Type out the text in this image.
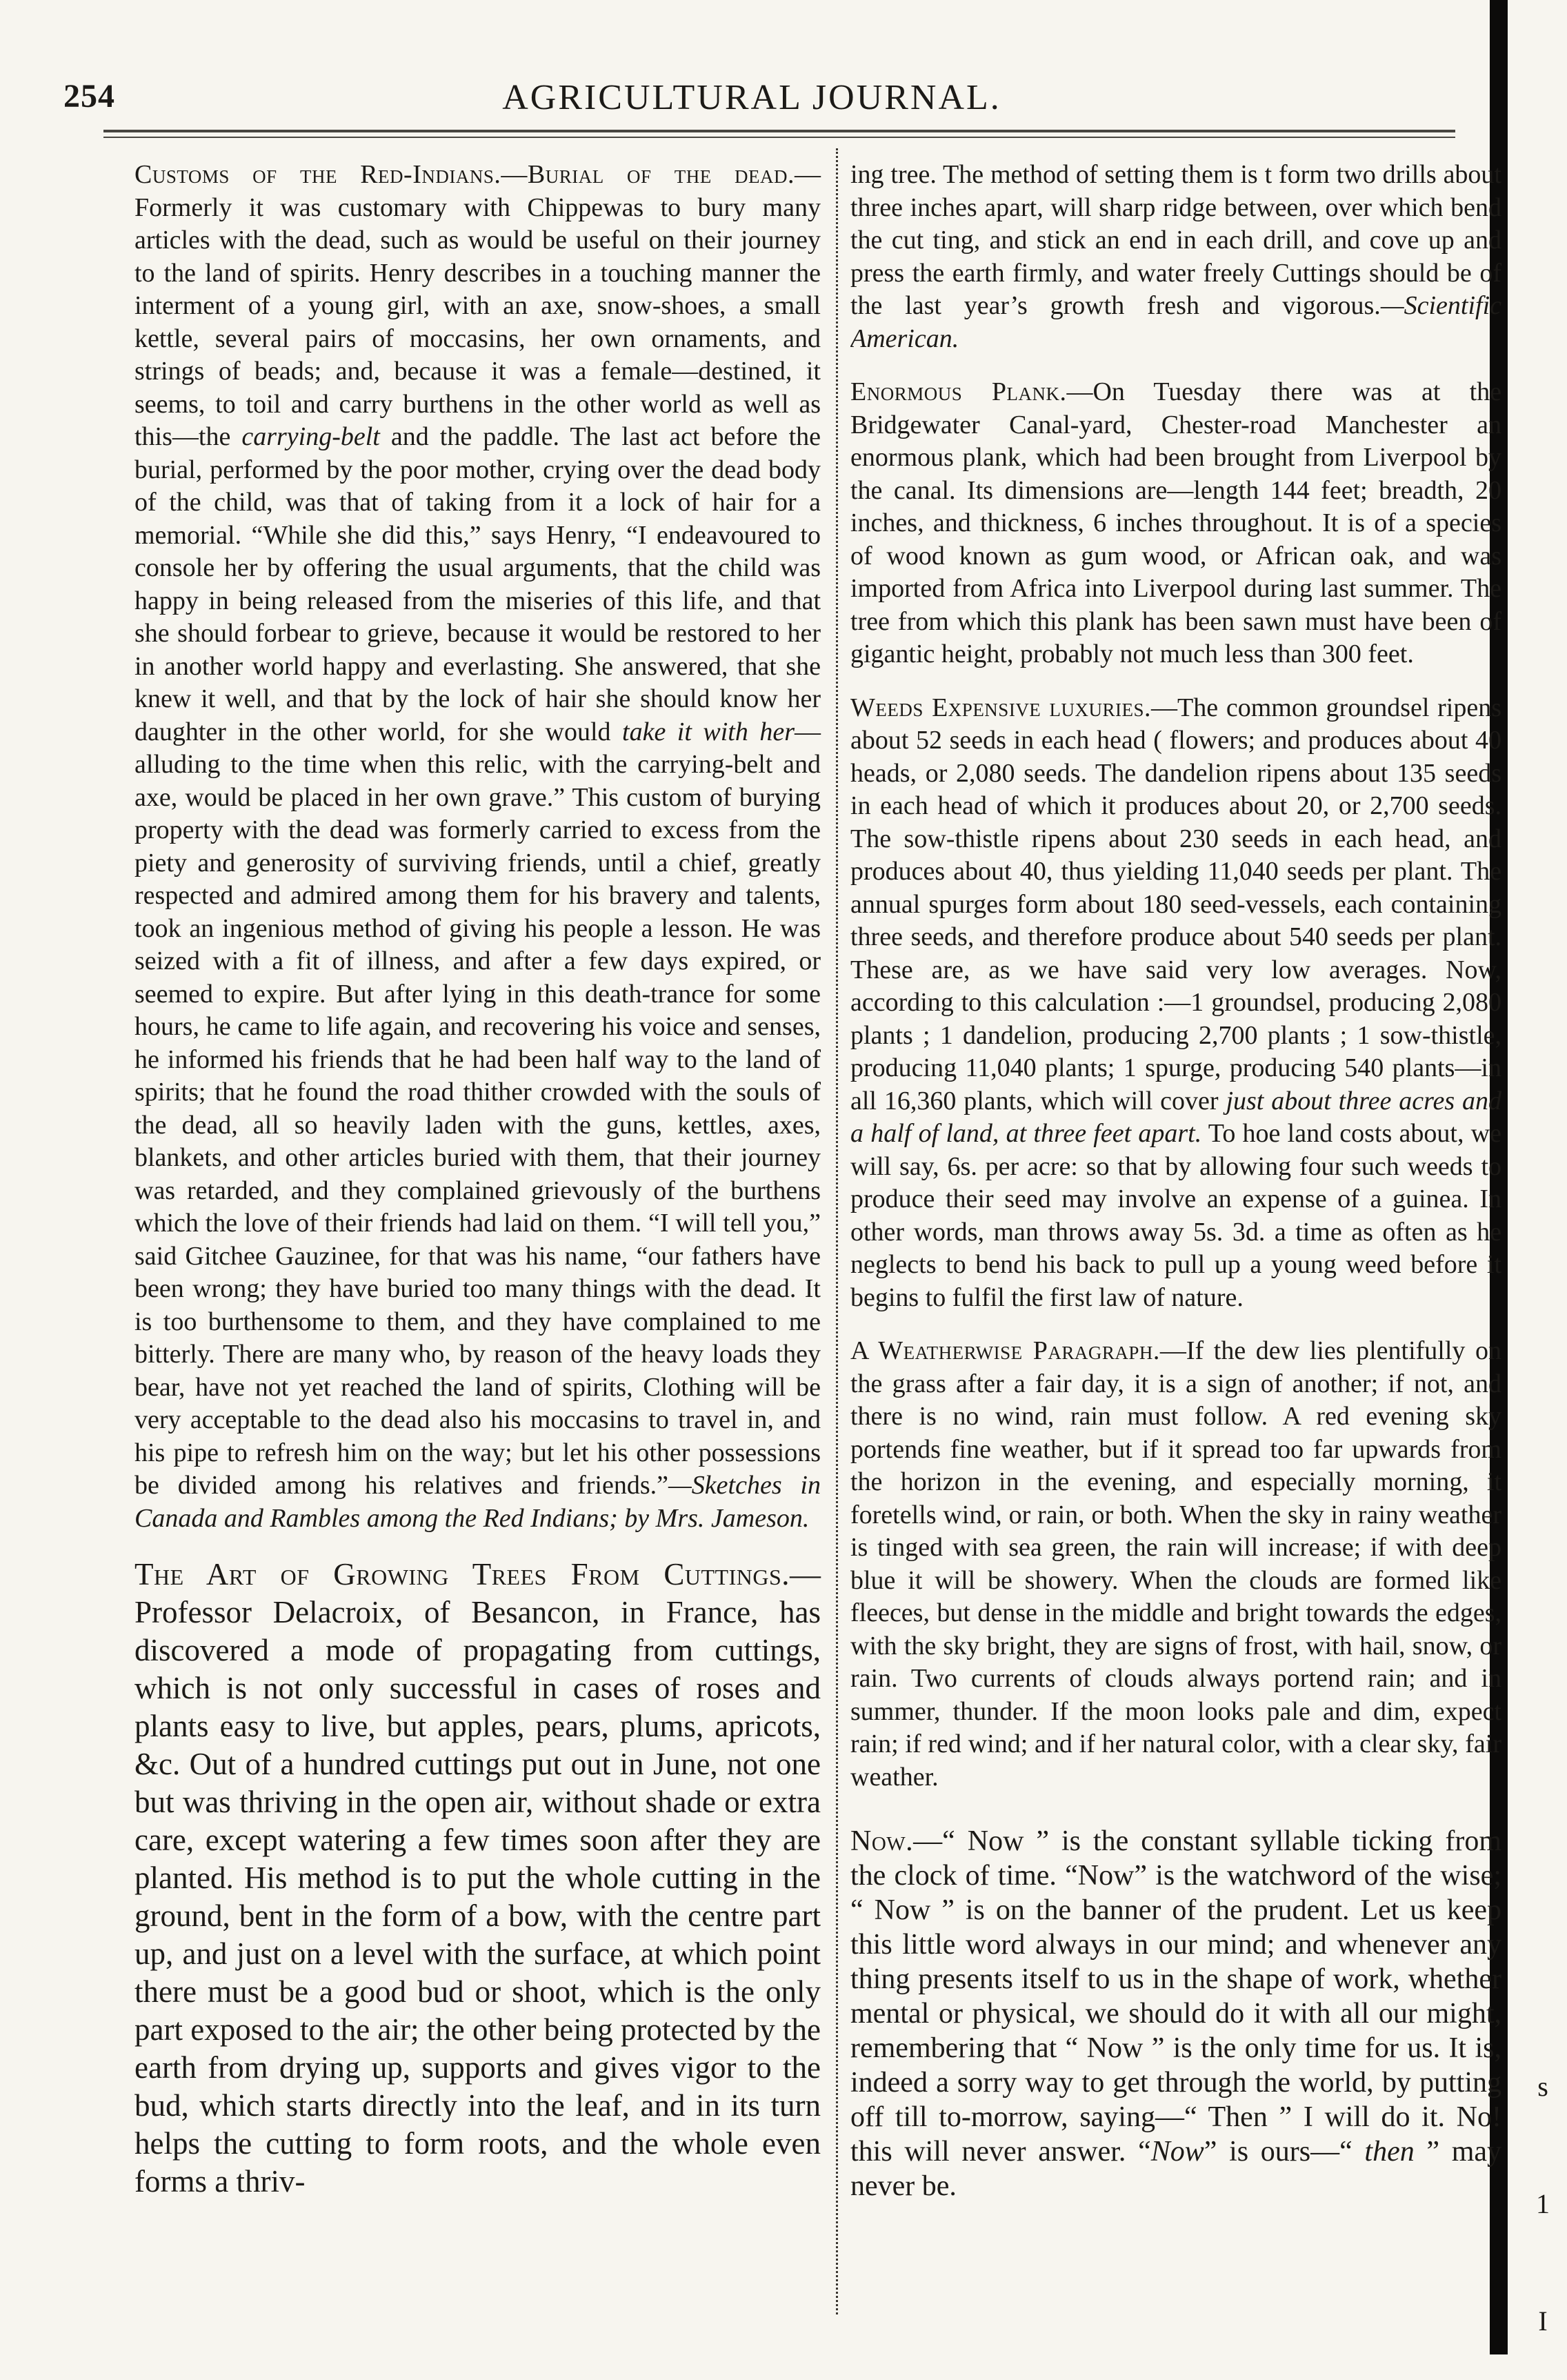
254	AGRICULTURAL JOURNAL.

Customs of the Red-Indians.—Burial of the dead.—Formerly it was customary with Chippewas to bury many articles with the dead, such as would be useful on their journey to the land of spirits. Henry describes in a touching manner the interment of a young girl, with an axe, snow-shoes, a small kettle, several pairs of moccasins, her own ornaments, and strings of beads; and, because it was a female—destined, it seems, to toil and carry burthens in the other world as well as this—the carrying-belt and the paddle. The last act before the burial, performed by the poor mother, crying over the dead body of the child, was that of taking from it a lock of hair for a memorial. “While she did this,” says Henry, “I endeavoured to console her by offering the usual arguments, that the child was happy in being released from the miseries of this life, and that she should forbear to grieve, because it would be restored to her in another world happy and everlasting. She answered, that she knew it well, and that by the lock of hair she should know her daughter in the other world, for she would take it with her—alluding to the time when this relic, with the carrying-belt and axe, would be placed in her own grave.” This custom of burying property with the dead was formerly carried to excess from the piety and generosity of surviving friends, until a chief, greatly respected and admired among them for his bravery and talents, took an ingenious method of giving his people a lesson. He was seized with a fit of illness, and after a few days expired, or seemed to expire. But after lying in this death-trance for some hours, he came to life again, and recovering his voice and senses, he informed his friends that he had been half way to the land of spirits; that he found the road thither crowded with the souls of the dead, all so heavily laden with the guns, kettles, axes, blankets, and other articles buried with them, that their journey was retarded, and they complained grievously of the burthens which the love of their friends had laid on them. “I will tell you,” said Gitchee Gauzinee, for that was his name, “our fathers have been wrong; they have buried too many things with the dead. It is too burthensome to them, and they have complained to me bitterly. There are many who, by reason of the heavy loads they bear, have not yet reached the land of spirits, Clothing will be very acceptable to the dead also his moccasins to travel in, and his pipe to refresh him on the way; but let his other possessions be divided among his relatives and friends.”—Sketches in Canada and Rambles among the Red Indians; by Mrs. Jameson.

The Art of Growing Trees From Cuttings.—Professor Delacroix, of Besancon, in France, has discovered a mode of propagating from cuttings, which is not only successful in cases of roses and plants easy to live, but apples, pears, plums, apricots, &c. Out of a hundred cuttings put out in June, not one but was thriving in the open air, without shade or extra care, except watering a few times soon after they are planted. His method is to put the whole cutting in the ground, bent in the form of a bow, with the centre part up, and just on a level with the surface, at which point there must be a good bud or shoot, which is the only part exposed to the air; the other being protected by the earth from drying up, supports and gives vigor to the bud, which starts directly into the leaf, and in its turn helps the cutting to form roots, and the whole even forms a thriv-

ing tree. The method of setting them is t form two drills about three inches apart, will sharp ridge between, over which bend the cut ting, and stick an end in each drill, and cove up and press the earth firmly, and water freely Cuttings should be of the last year’s growth fresh and vigorous.—Scientific American.

Enormous Plank.—On Tuesday there was at the Bridgewater Canal-yard, Chester-road Manchester an enormous plank, which had been brought from Liverpool by the canal. Its dimensions are—length 144 feet; breadth, 20 inches, and thickness, 6 inches throughout. It is of a species of wood known as gum wood, or African oak, and was imported from Africa into Liverpool during last summer. The tree from which this plank has been sawn must have been of gigantic height, probably not much less than 300 feet.

Weeds Expensive luxuries.—The common groundsel ripens about 52 seeds in each head ( flowers; and produces about 40 heads, or 2,080 seeds. The dandelion ripens about 135 seeds in each head of which it produces about 20, or 2,700 seeds. The sow-thistle ripens about 230 seeds in each head, and produces about 40, thus yielding 11,040 seeds per plant. The annual spurges form about 180 seed-vessels, each containing three seeds, and therefore produce about 540 seeds per plant. These are, as we have said very low averages. Now, according to this calculation :—1 groundsel, producing 2,080 plants ; 1 dandelion, producing 2,700 plants ; 1 sow-thistle, producing 11,040 plants; 1 spurge, producing 540 plants—in all 16,360 plants, which will cover just about three acres and a half of land, at three feet apart. To hoe land costs about, we will say, 6s. per acre: so that by allowing four such weeds to produce their seed may involve an expense of a guinea. In other words, man throws away 5s. 3d. a time as often as he neglects to bend his back to pull up a young weed before it begins to fulfil the first law of nature.

A Weatherwise Paragraph.—If the dew lies plentifully on the grass after a fair day, it is a sign of another; if not, and there is no wind, rain must follow. A red evening sky portends fine weather, but if it spread too far upwards from the horizon in the evening, and especially morning, it foretells wind, or rain, or both. When the sky in rainy weather is tinged with sea green, the rain will increase; if with deep blue it will be showery. When the clouds are formed like fleeces, but dense in the middle and bright towards the edges, with the sky bright, they are signs of frost, with hail, snow, or rain. Two currents of clouds always portend rain; and in summer, thunder. If the moon looks pale and dim, expect rain; if red wind; and if her natural color, with a clear sky, fair weather.

Now.—“ Now ” is the constant syllable ticking from the clock of time. “Now” is the watchword of the wise; “ Now ” is on the banner of the prudent. Let us keep this little word always in our mind; and whenever any thing presents itself to us in the shape of work, whether mental or physical, we should do it with all our might, remembering that “ Now ” is the only time for us. It is, indeed a sorry way to get through the world, by putting off till to-morrow, saying—“ Then ” I will do it. No! this will never answer. “Now” is ours—“ then ” may never be.

s
1
I
